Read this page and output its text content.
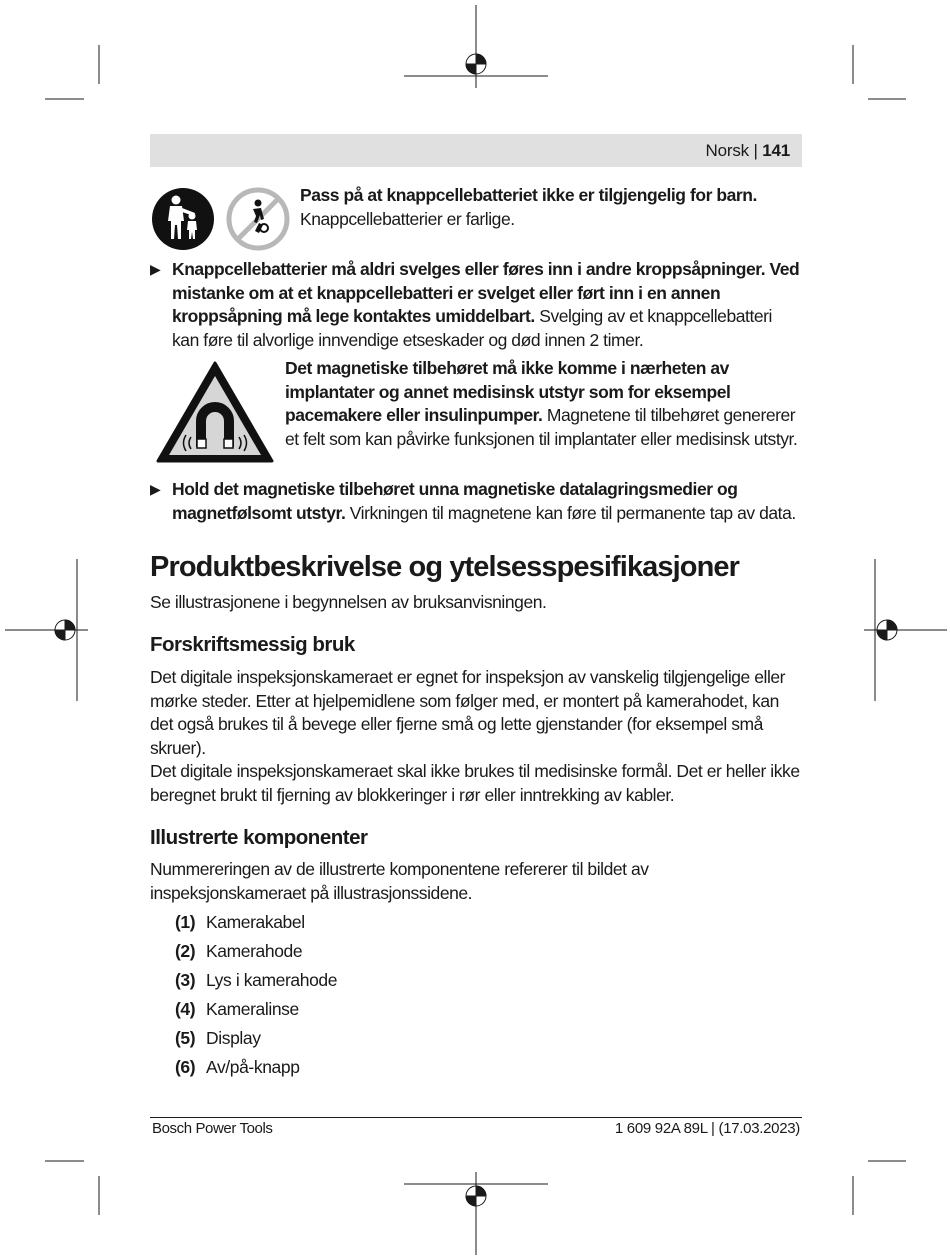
Norsk | 141
Pass på at knappcellebatteriet ikke er tilgjengelig for barn.
Knappcellebatterier er farlige.
▶ Knappcellebatterier må aldri svelges eller føres inn i andre kroppsåpninger. Ved mistanke om at et knappcellebatteri er svelget eller ført inn i en annen kroppsåpning må lege kontaktes umiddelbart. Svelging av et knappcellebatteri kan føre til alvorlige innvendige etseskader og død innen 2 timer.
Det magnetiske tilbehøret må ikke komme i nærheten av implantater og annet medisinsk utstyr som for eksempel pacemakere eller insulinpumper. Magnetene til tilbehøret genererer et felt som kan påvirke funksjonen til implantater eller medisinsk utstyr.
▶ Hold det magnetiske tilbehøret unna magnetiske datalagringsmedier og magnetfølsomt utstyr. Virkningen til magnetene kan føre til permanente tap av data.
Produktbeskrivelse og ytelsesspesifikasjoner
Se illustrasjonene i begynnelsen av bruksanvisningen.
Forskriftsmessig bruk
Det digitale inspeksjonskameraet er egnet for inspeksjon av vanskelig tilgjengelige eller mørke steder. Etter at hjelpemidlene som følger med, er montert på kamerahodet, kan det også brukes til å bevege eller fjerne små og lette gjenstander (for eksempel små skruer).
Det digitale inspeksjonskameraet skal ikke brukes til medisinske formål. Det er heller ikke beregnet brukt til fjerning av blokkeringer i rør eller inntrekking av kabler.
Illustrerte komponenter
Nummereringen av de illustrerte komponentene refererer til bildet av inspeksjonskameraet på illustrasjonssidene.
(1) Kamerakabel
(2) Kamerahode
(3) Lys i kamerahode
(4) Kameralinse
(5) Display
(6) Av/på-knapp
Bosch Power Tools	1 609 92A 89L | (17.03.2023)
